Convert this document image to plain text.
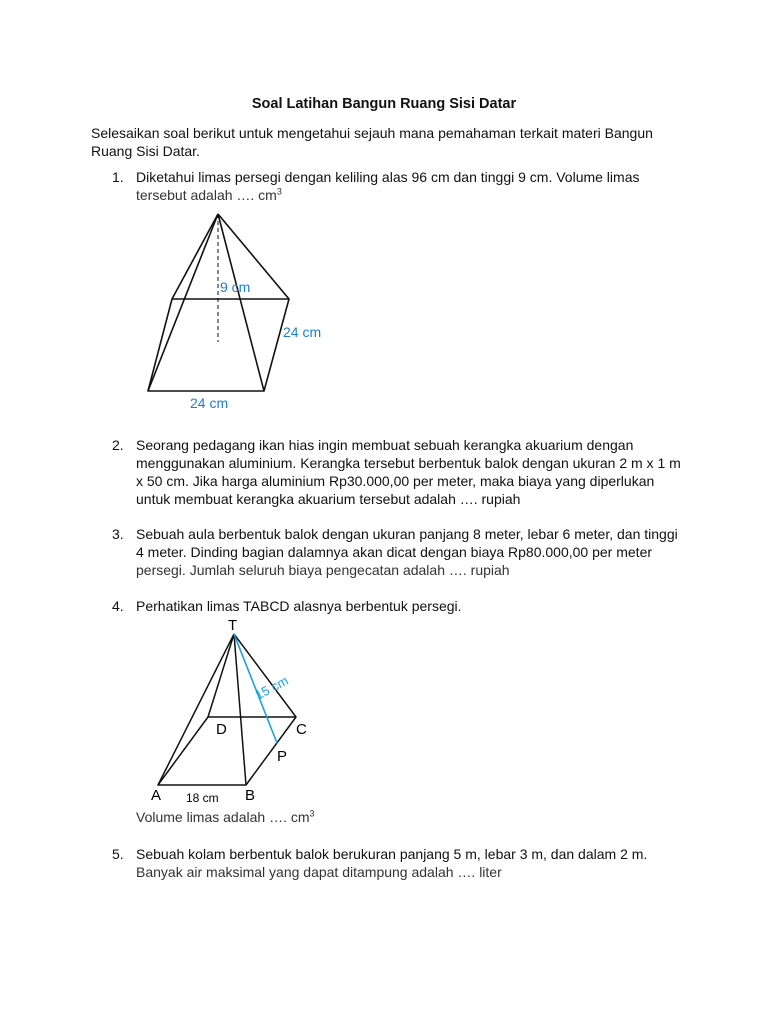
Soal Latihan Bangun Ruang Sisi Datar
Selesaikan soal berikut untuk mengetahui sejauh mana pemahaman terkait materi Bangun Ruang Sisi Datar.
1. Diketahui limas persegi dengan keliling alas 96 cm dan tinggi 9 cm. Volume limas
tersebut adalah …. $cm^3$
9 cm
24 cm
24 cm
2. Seorang pedagang ikan hias ingin membuat sebuah kerangka akuarium dengan
menggunakan aluminium. Kerangka tersebut berbentuk balok dengan ukuran 2 m x 1 m
x 50 cm. Jika harga aluminium Rp30.000,00 per meter, maka biaya yang diperlukan
untuk membuat kerangka akuarium tersebut adalah …. rupiah
3. Sebuah aula berbentuk balok dengan ukuran panjang 8 meter, lebar 6 meter, dan tinggi
4 meter. Dinding bagian dalamnya akan dicat dengan biaya Rp80.000,00 per meter
persegi. Jumlah seluruh biaya pengecatan adalah …. rupiah
4. Perhatikan limas TABCD alasnya berbentuk persegi.
T
A	B
C
D
P
15 cm
18 cm
Volume limas adalah …. $cm^3$
5. Sebuah kolam berbentuk balok berukuran panjang 5 m, lebar 3 m, dan dalam 2 m.
Banyak air maksimal yang dapat ditampung adalah …. liter
